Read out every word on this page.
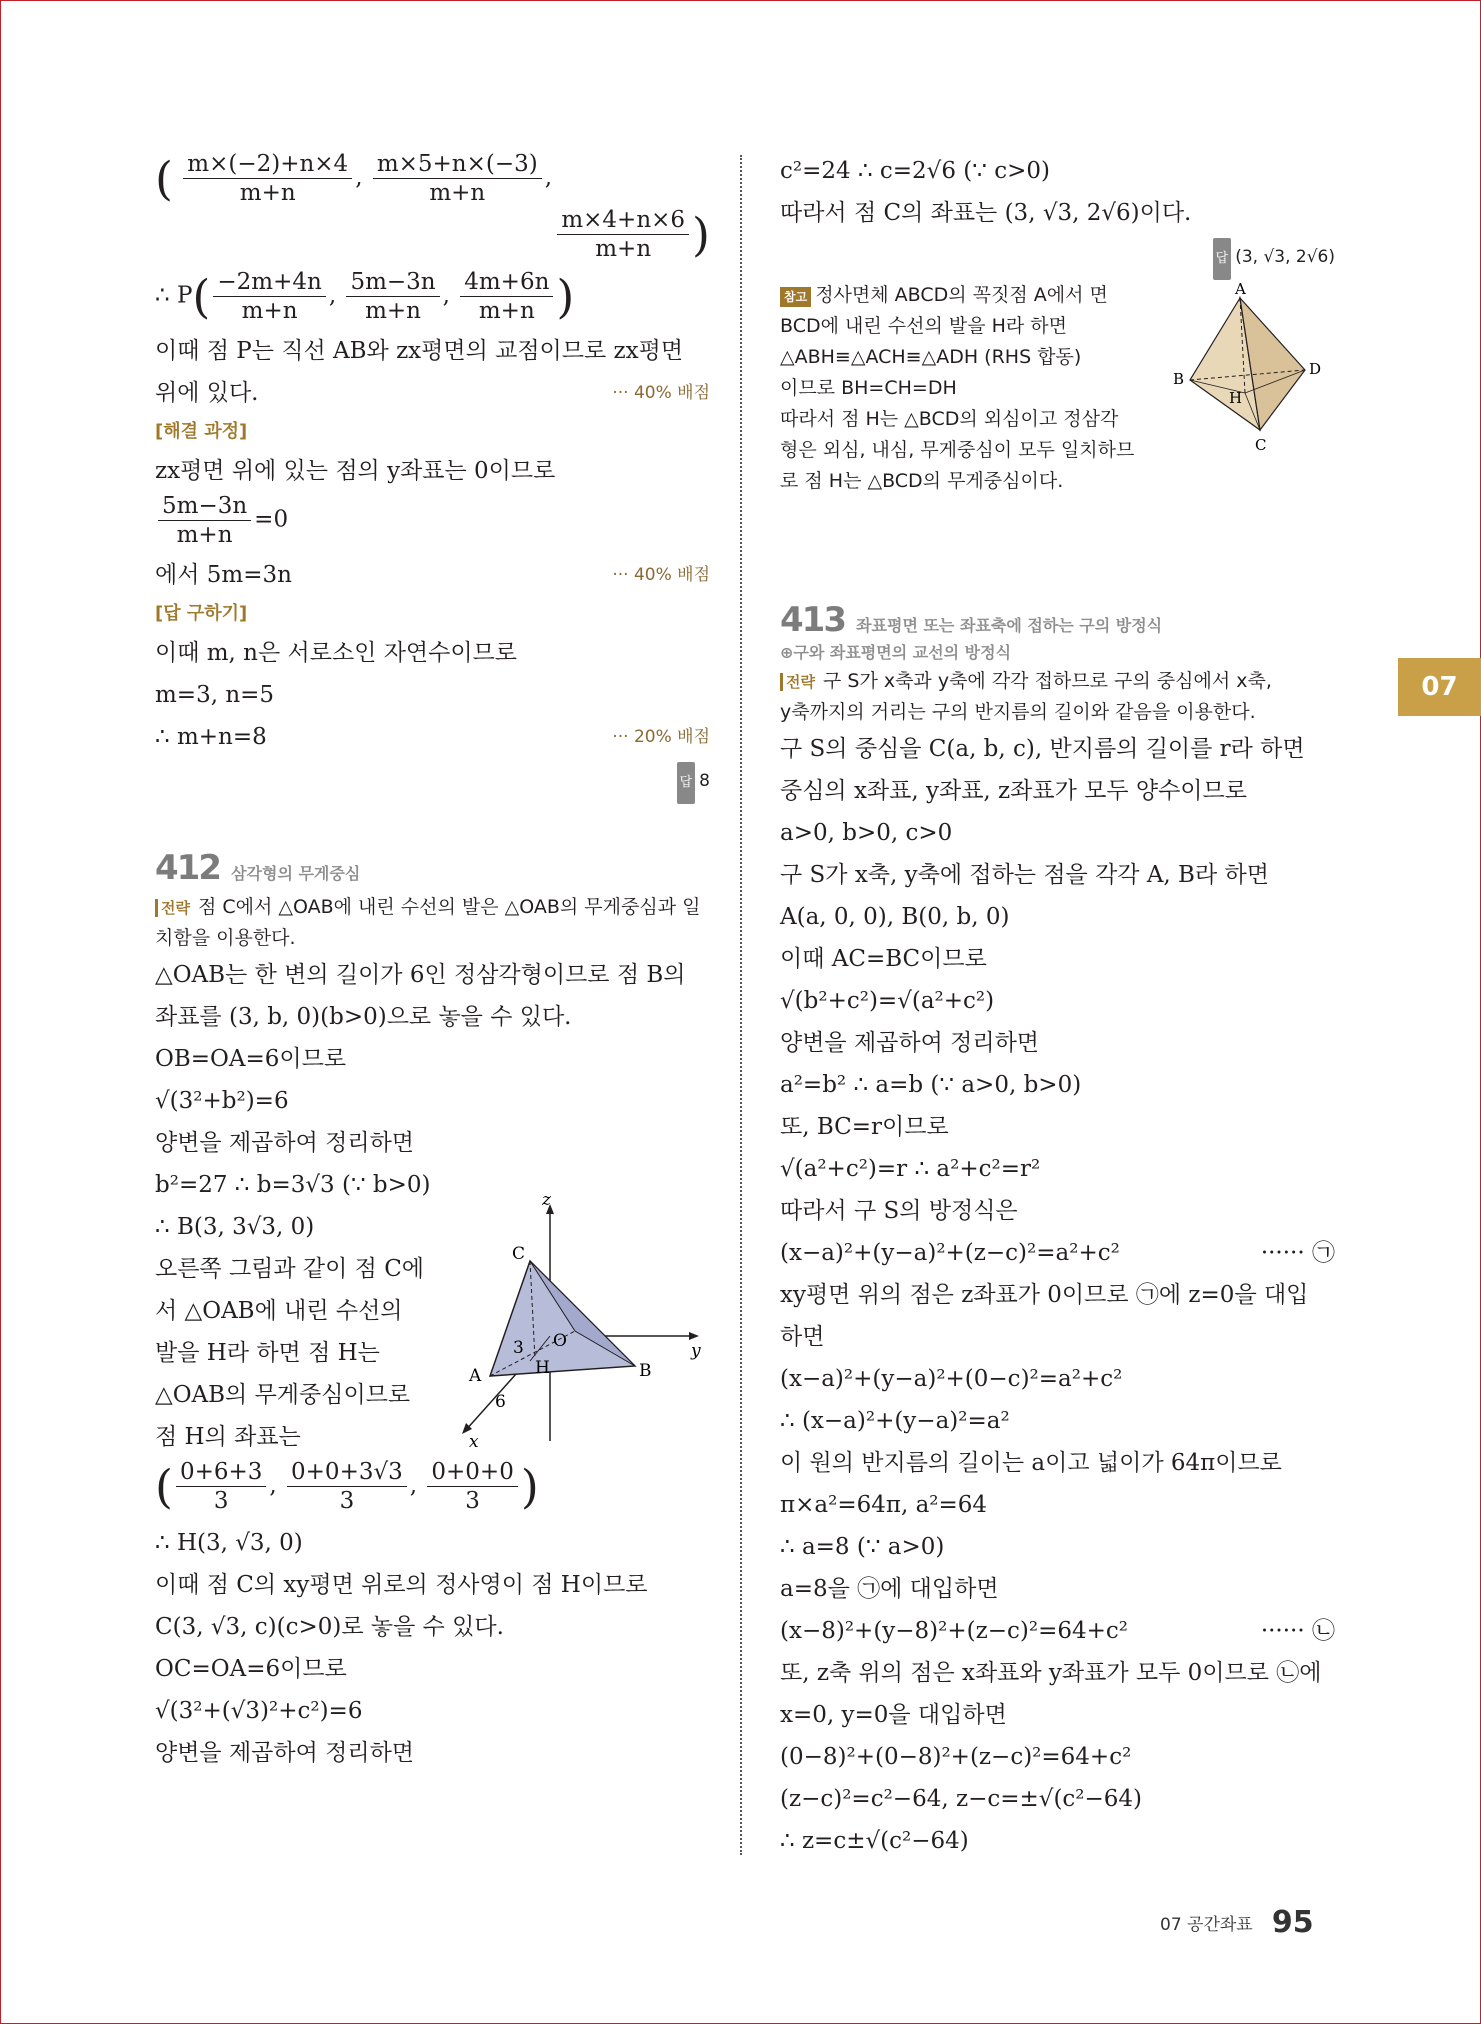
07
( $\frac{m\times(-2)+n\times 4}{m+n}$ , $\frac{m\times 5+n\times(-3)}{m+n}$ ,
$\frac{m\times 4+n\times 6}{m+n}$ )
∴ $P( \frac{-2m+4n}{m+n}$ , $\frac{5m-3n}{m+n}$ , $\frac{4m+6n}{m+n}$ )
이때 점 P는 직선 AB와 zx평면의 교점이므로 zx평면
위에 있다.	··· 40% 배점
[해결 과정]
zx평면 위에 있는 점의 y좌표는 0이므로
$\frac{5m-3n}{m+n} =0$
에서 5m=3n	··· 40% 배점
[답 구하기]
이때 m, n은 서로소인 자연수이므로
m=3, n=5
∴ m+n=8	··· 20% 배점
답 8
412 삼각형의 무게중심
전략 점 C에서 △OAB에 내린 수선의 발은 △OAB의 무게중심과 일치함을 이용한다.
△OAB는 한 변의 길이가 6인 정삼각형이므로 점 B의
좌표를 (3, b, 0)(b>0)으로 놓을 수 있다.
OB=OA=6이므로
√(3²+b²)=6
양변을 제곱하여 정리하면
b²=27 ∴ b=3√3 (∵ b>0)
∴ B(3, 3√3, 0)
오른쪽 그림과 같이 점 C에
서 △OAB에 내린 수선의
발을 H라 하면 점 H는
△OAB의 무게중심이므로
점 H의 좌표는
C
z
y
x
O
A	B
H
3
6
( $\frac{0+6+3}{3}$ , $\frac{0+0+3√3}{3}$ , $\frac{0+0+0}{3}$ )
∴ H(3, √3, 0)
이때 점 C의 xy평면 위로의 정사영이 점 H이므로
C(3, √3, c)(c>0)로 놓을 수 있다.
OC=OA=6이므로
√(3²+(√3)²+c²)=6
양변을 제곱하여 정리하면
c²=24 ∴ c=2√6 (∵ c>0)
따라서 점 C의 좌표는 (3, √3, 2√6)이다.
답 (3, √3, 2√6)
참고 정사면체 ABCD의 꼭짓점 A에서 면
BCD에 내린 수선의 발을 H라 하면
△ABH≡△ACH≡△ADH (RHS 합동)
이므로 BH=CH=DH
따라서 점 H는 △BCD의 외심이고 정삼각
형은 외심, 내심, 무게중심이 모두 일치하므
로 점 H는 △BCD의 무게중심이다.
A
B
C
D
H
413 좌표평면 또는 좌표축에 접하는 구의 방정식
⊕구와 좌표평면의 교선의 방정식
전략 구 S가 x축과 y축에 각각 접하므로 구의 중심에서 x축,
y축까지의 거리는 구의 반지름의 길이와 같음을 이용한다.
구 S의 중심을 C(a, b, c), 반지름의 길이를 r라 하면
중심의 x좌표, y좌표, z좌표가 모두 양수이므로
a>0, b>0, c>0
구 S가 x축, y축에 접하는 점을 각각 A, B라 하면
A(a, 0, 0), B(0, b, 0)
이때 AC=BC이므로
√(b²+c²)=√(a²+c²)
양변을 제곱하여 정리하면
a²=b² ∴ a=b (∵ a>0, b>0)
또, BC=r이므로
√(a²+c²)=r ∴ a²+c²=r²
따라서 구 S의 방정식은
(x−a)²+(y−a)²+(z−c)²=a²+c²	······ ㉠
xy평면 위의 점은 z좌표가 0이므로 ㉠에 z=0을 대입
하면
(x−a)²+(y−a)²+(0−c)²=a²+c²
∴ (x−a)²+(y−a)²=a²
이 원의 반지름의 길이는 a이고 넓이가 64π이므로
π×a²=64π, a²=64
∴ a=8 (∵ a>0)
a=8을 ㉠에 대입하면
(x−8)²+(y−8)²+(z−c)²=64+c²	······ ㉡
또, z축 위의 점은 x좌표와 y좌표가 모두 0이므로 ㉡에
x=0, y=0을 대입하면
(0−8)²+(0−8)²+(z−c)²=64+c²
(z−c)²=c²−64, z−c=±√(c²−64)
∴ z=c±√(c²−64)
07 공간좌표 95
